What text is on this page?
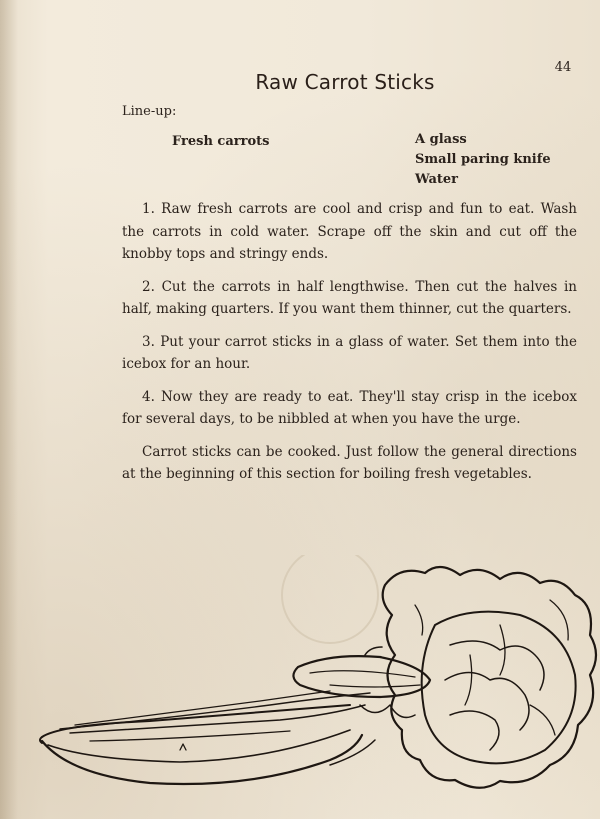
44
Raw Carrot Sticks
Line-up:
Fresh carrots	A glass
Small paring knife
Water

1. Raw fresh carrots are cool and crisp and fun to eat. Wash the carrots in cold water. Scrape off the skin and cut off the knobby tops and stringy ends.

2. Cut the carrots in half lengthwise. Then cut the halves in half, making quarters. If you want them thinner, cut the quarters.

3. Put your carrot sticks in a glass of water. Set them into the icebox for an hour.

4. Now they are ready to eat. They'll stay crisp in the icebox for several days, to be nibbled at when you have the urge.

Carrot sticks can be cooked. Just follow the general directions at the beginning of this section for boiling fresh vegetables.
